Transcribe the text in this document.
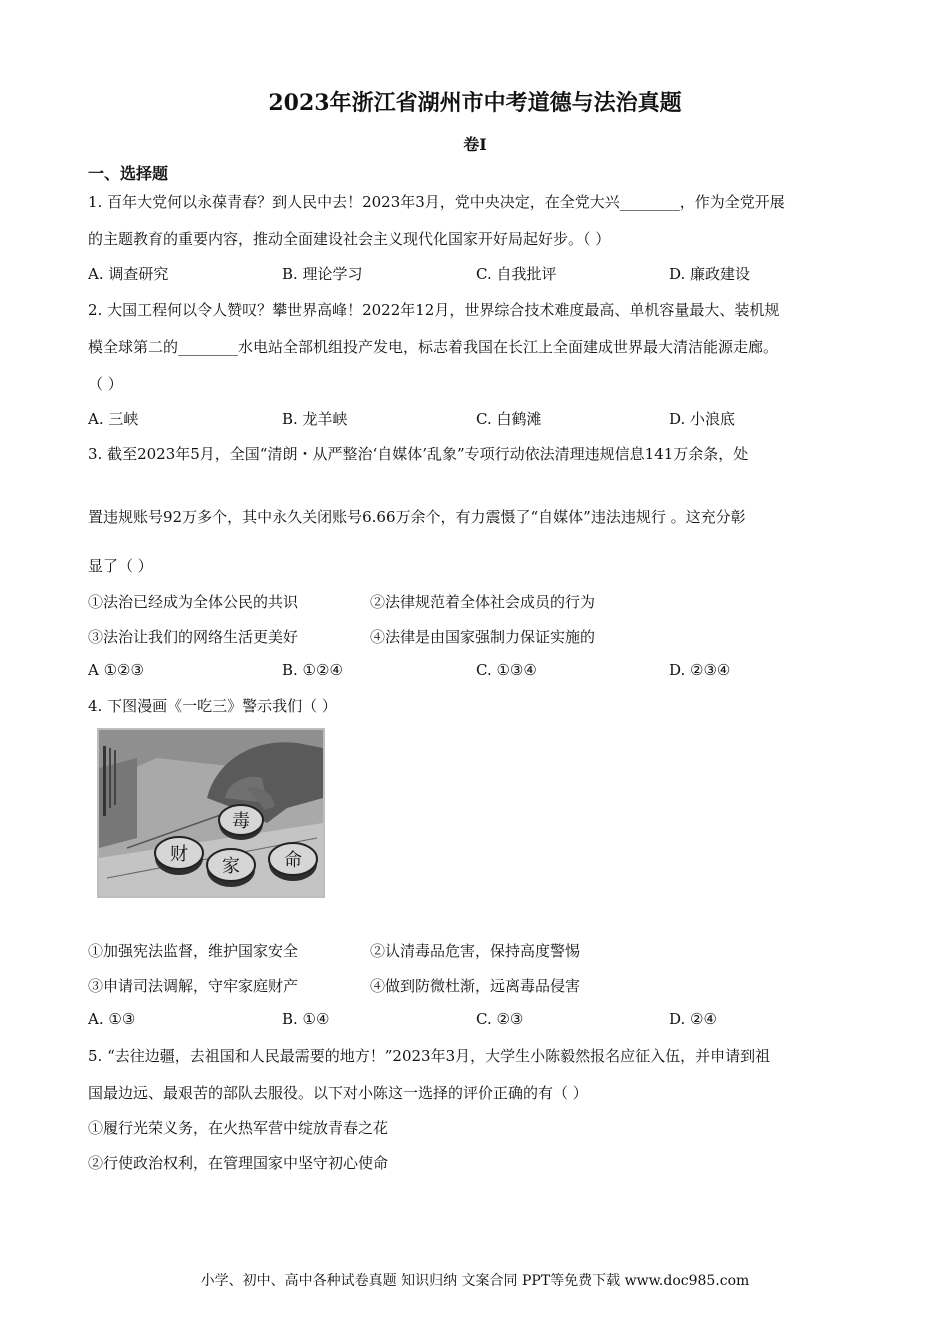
2023年浙江省湖州市中考道德与法治真题
卷I
一、选择题
1. 百年大党何以永葆青春？到人民中去！2023年3月，党中央决定，在全党大兴________，作为全党开展
的主题教育的重要内容，推动全面建设社会主义现代化国家开好局起好步。（ ）
A. 调查研究	B. 理论学习	C. 自我批评	D. 廉政建设
2. 大国工程何以令人赞叹？攀世界高峰！2022年12月，世界综合技术难度最高、单机容量最大、装机规
模全球第二的________水电站全部机组投产发电，标志着我国在长江上全面建成世界最大清洁能源走廊。
（ ）
A. 三峡	B. 龙羊峡	C. 白鹤滩	D. 小浪底
3. 截至2023年5月，全国“清朗・从严整治‘自媒体’乱象”专项行动依法清理违规信息141万余条，处
置违规账号92万多个，其中永久关闭账号6.66万余个，有力震慑了“自媒体”违法违规行 。这充分彰
显了（ ）
①法治已经成为全体公民的共识	②法律规范着全体社会成员的行为
③法治让我们的网络生活更美好	④法律是由国家强制力保证实施的
A ①②③	B. ①②④	C. ①③④	D. ②③④
4. 下图漫画《一吃三》警示我们（ ）
毒
财
家 命
①加强宪法监督，维护国家安全	②认清毒品危害，保持高度警惕
③申请司法调解，守牢家庭财产	④做到防微杜渐，远离毒品侵害
A. ①③	B. ①④	C. ②③	D. ②④
5. “去往边疆，去祖国和人民最需要的地方！”2023年3月，大学生小陈毅然报名应征入伍，并申请到祖
国最边远、最艰苦的部队去服役。以下对小陈这一选择的评价正确的有（ ）
①履行光荣义务，在火热军营中绽放青春之花
②行使政治权利，在管理国家中坚守初心使命
小学、初中、高中各种试卷真题 知识归纳 文案合同 PPT等免费下载 www.doc985.com
